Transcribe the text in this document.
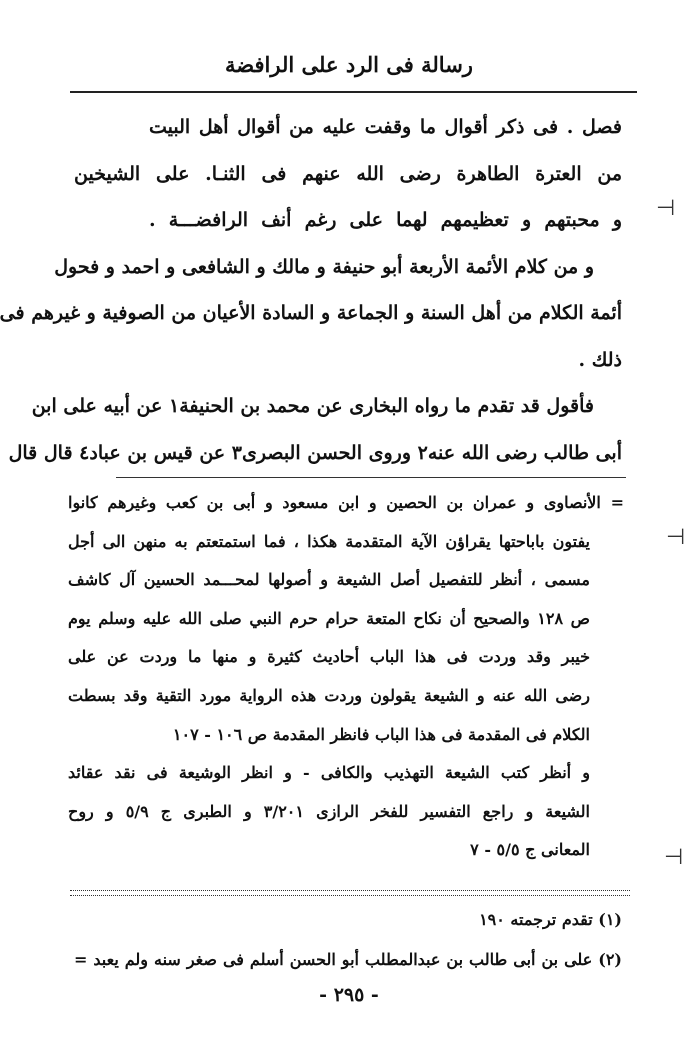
رسالة فى الرد على الرافضة
فصل . فى ذكر أقوال ما وقفت عليه من أقوال أهل البيت
من العترة الطاهرة رضى الله عنهم فى الثنـا. على الشيخين
و محبتهم و تعظيمهم لهما على رغم أنف الرافضـــة .
و من كلام الأئمة الأربعة أبو حنيفة و مالك و الشافعى و احمد و فحول
أئمة الكلام من أهل السنة و الجماعة و السادة الأعيان من الصوفية و غيرهم فى
ذلك .
فأقول قد تقدم ما رواه البخارى عن محمد بن الحنيفة١ عن أبيه على ابن
أبى طالب رضى الله عنه٢ وروى الحسن البصرى٣ عن قيس بن عباد٤ قال قال
= الأنصاوى و عمران بن الحصين و ابن مسعود و أبى بن كعب وغيرهم كانوا
يفتون باباحتها يقراؤن الآية المتقدمة هكذا ، فما استمتعتم به منهن الى أجل
مسمى ، أنظر للتفصيل أصل الشيعة و أصولها لمحـــمد الحسين آل كاشف
ص ١٢٨ والصحيح أن نكاح المتعة حرام حرم النبي صلى الله عليه وسلم يوم
خيبر وقد وردت فى هذا الباب أحاديث كثيرة و منها ما وردت عن على
رضى الله عنه و الشيعة يقولون وردت هذه الرواية مورد التقية وقد بسطت
الكلام فى المقدمة فى هذا الباب فانظر المقدمة ص ١٠٦ - ١٠٧
و أنظر كتب الشيعة التهذيب والكافى - و انظر الوشيعة فى نقد عقائد
الشيعة و راجع التفسير للفخر الرازى ٣/٢٠١ و الطبرى ج ٥/٩ و روح
المعانى ج ٥/٥ - ٧
(١) تقدم ترجمته ١٩٠
(٢) على بن أبى طالب بن عبدالمطلب أبو الحسن أسلم فى صغر سنه ولم يعبد =
- ٢٩٥ -
⊢
⊢
⊢
